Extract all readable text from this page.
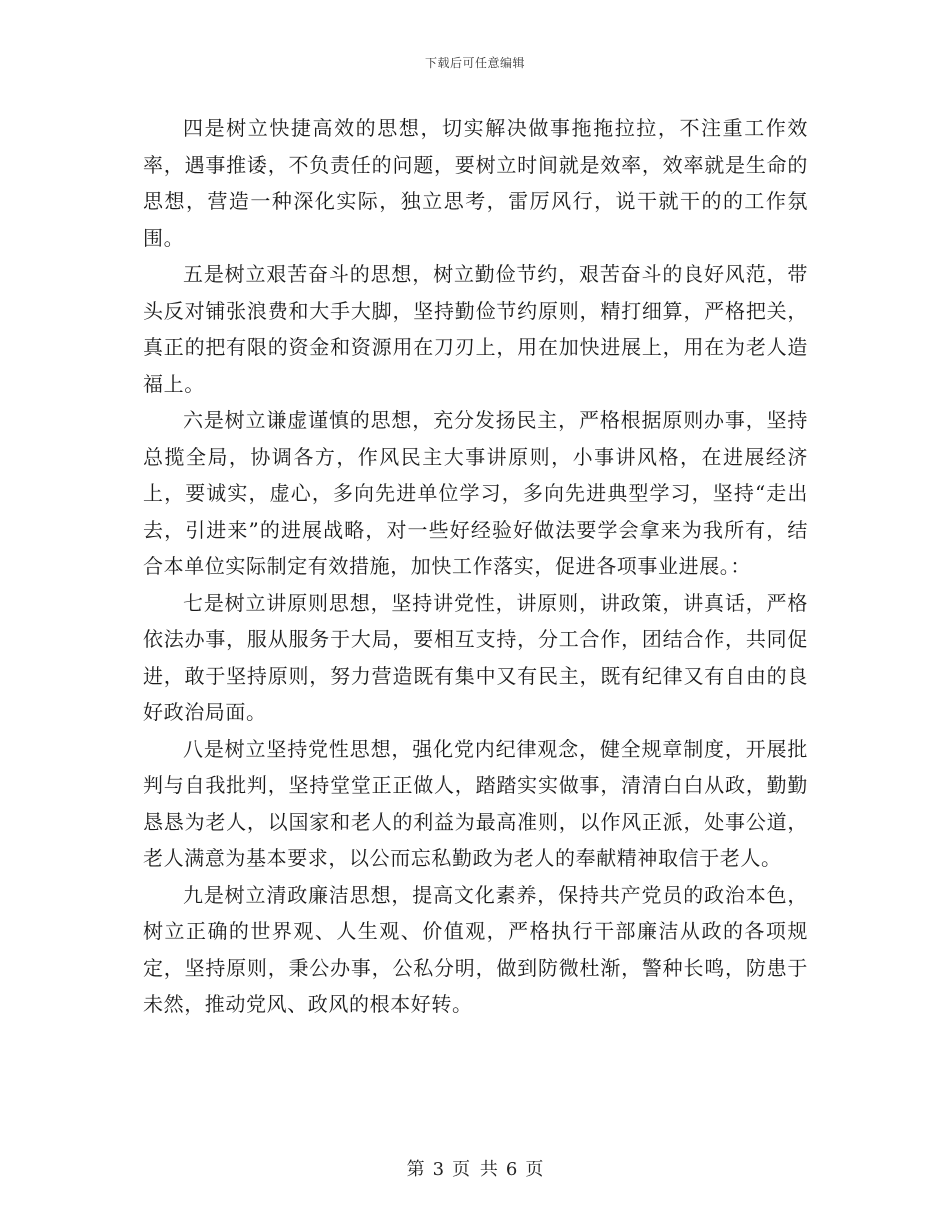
下载后可任意编辑

四是树立快捷高效的思想，切实解决做事拖拖拉拉，不注重工作效率，遇事推诿，不负责任的问题，要树立时间就是效率，效率就是生命的思想，营造一种深化实际，独立思考，雷厉风行，说干就干的的工作氛围。

五是树立艰苦奋斗的思想，树立勤俭节约，艰苦奋斗的良好风范，带头反对铺张浪费和大手大脚，坚持勤俭节约原则，精打细算，严格把关，真正的把有限的资金和资源用在刀刃上，用在加快进展上，用在为老人造福上。

六是树立谦虚谨慎的思想，充分发扬民主，严格根据原则办事，坚持总揽全局，协调各方，作风民主大事讲原则，小事讲风格，在进展经济上，要诚实，虚心，多向先进单位学习，多向先进典型学习，坚持“走出去，引进来”的进展战略，对一些好经验好做法要学会拿来为我所有，结合本单位实际制定有效措施，加快工作落实，促进各项事业进展。：

七是树立讲原则思想，坚持讲党性，讲原则，讲政策，讲真话，严格依法办事，服从服务于大局，要相互支持，分工合作，团结合作，共同促进，敢于坚持原则，努力营造既有集中又有民主，既有纪律又有自由的良好政治局面。

八是树立坚持党性思想，强化党内纪律观念，健全规章制度，开展批判与自我批判，坚持堂堂正正做人，踏踏实实做事，清清白白从政，勤勤恳恳为老人，以国家和老人的利益为最高准则，以作风正派，处事公道，老人满意为基本要求，以公而忘私勤政为老人的奉献精神取信于老人。

九是树立清政廉洁思想，提高文化素养，保持共产党员的政治本色，树立正确的世界观、人生观、价值观，严格执行干部廉洁从政的各项规定，坚持原则，秉公办事，公私分明，做到防微杜渐，警种长鸣，防患于未然，推动党风、政风的根本好转。

第 3 页 共 6 页
